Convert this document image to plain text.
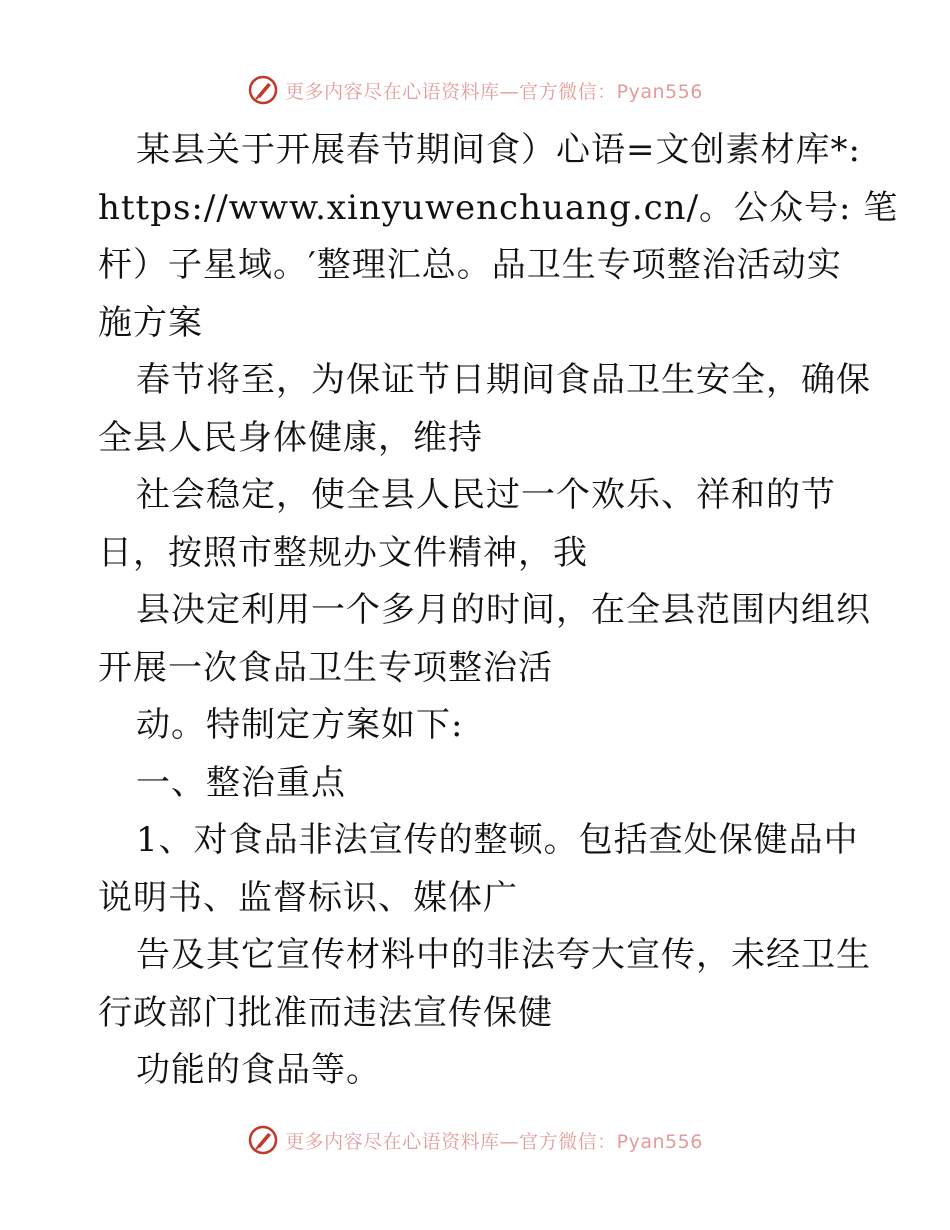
更多内容尽在心语资料库—官方微信：Pyan556
某县关于开展春节期间食）心语=文创素材库*:
https://www.xinyuwenchuang.cn/。公众号: 笔
杆）子星域。′整理汇总。品卫生专项整治活动实
施方案
春节将至，为保证节日期间食品卫生安全，确保
全县人民身体健康，维持
社会稳定，使全县人民过一个欢乐、祥和的节
日，按照市整规办文件精神，我
县决定利用一个多月的时间，在全县范围内组织
开展一次食品卫生专项整治活
动。特制定方案如下:
一、整治重点
1、对食品非法宣传的整顿。包括查处保健品中
说明书、监督标识、媒体广
告及其它宣传材料中的非法夸大宣传，未经卫生
行政部门批准而违法宣传保健
功能的食品等。
更多内容尽在心语资料库—官方微信：Pyan556
